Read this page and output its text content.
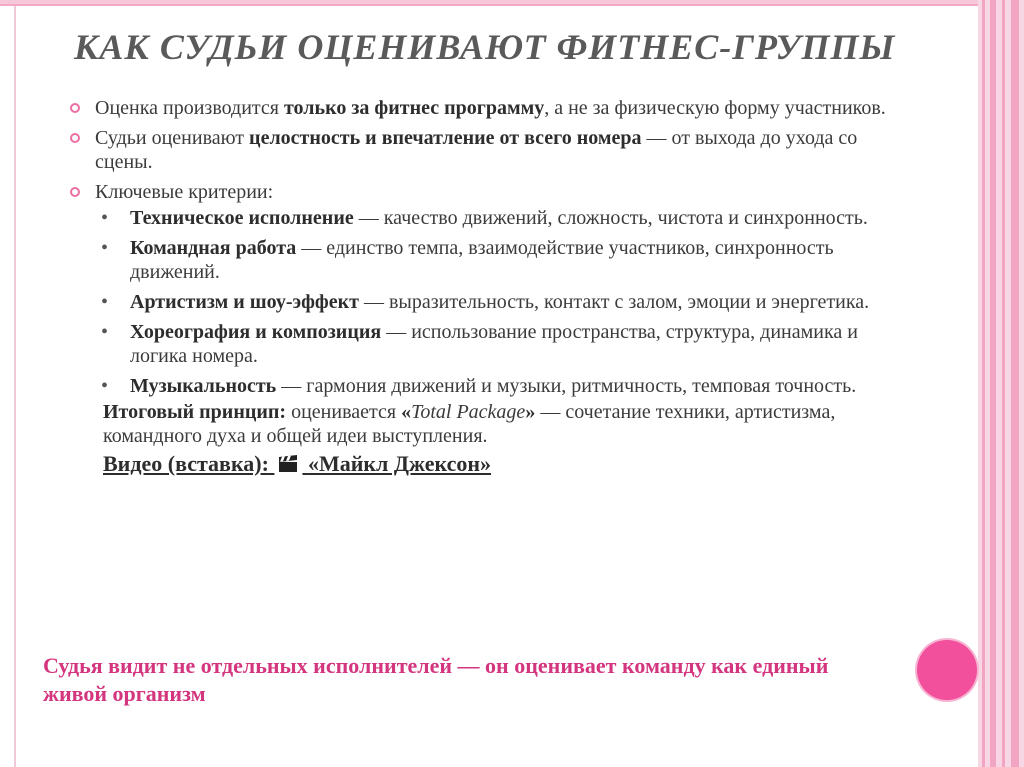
КАК СУДЬИ ОЦЕНИВАЮТ ФИТНЕС-ГРУППЫ
Оценка производится только за фитнес программу, а не за физическую форму участников.
Судьи оценивают целостность и впечатление от всего номера — от выхода до ухода со сцены.
Ключевые критерии:
• Техническое исполнение — качество движений, сложность, чистота и синхронность.
• Командная работа — единство темпа, взаимодействие участников, синхронность движений.
• Артистизм и шоу-эффект — выразительность, контакт с залом, эмоции и энергетика.
• Хореография и композиция — использование пространства, структура, динамика и логика номера.
• Музыкальность — гармония движений и музыки, ритмичность, темповая точность.
Итоговый принцип: оценивается «Total Package» — сочетание техники, артистизма, командного духа и общей идеи выступления.
Видео (вставка): «Майкл Джексон»
Судья видит не отдельных исполнителей — он оценивает команду как единый живой организм
